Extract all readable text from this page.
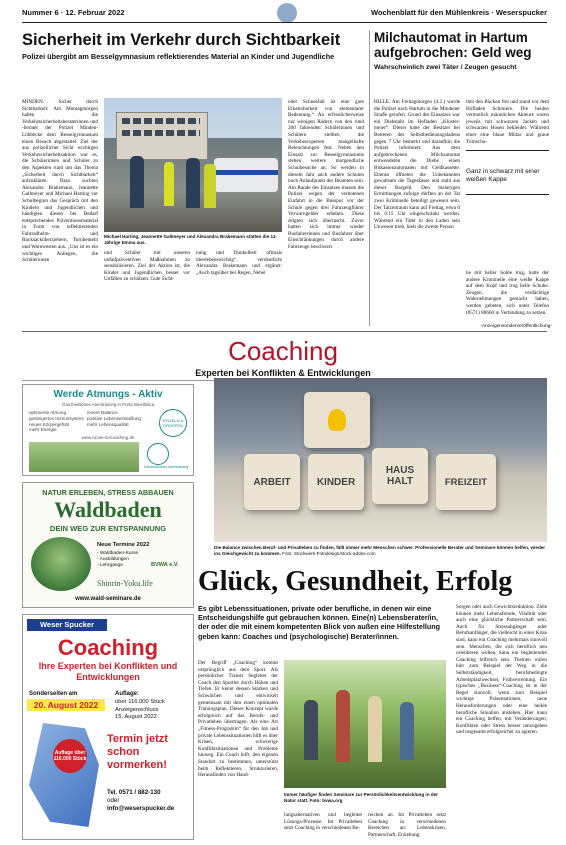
Nummer 6 · 12. Februar 2022	Wochenblatt für den Mühlenkreis · Weserspucker
Sicherheit im Verkehr durch Sichtbarkeit
Polizei übergibt am Besselgymnasium reflektierendes Material an Kinder und Jugendliche
MINDEN. Sicher durch Sichtbarkeit: Am Montagmorgen haben die Verkehrssicherheitsberaterinnen und -berater der Polizei Minden-Lübbecke dem Besselgymnasium einen Besuch abgestattet. Ziel der aus polizeilicher Sicht wichtigen Verkehrssicherheitsaktion war es, die Schülerinnen und Schüler zu den Aspekten rund um das Thema „Sicherheit durch Sichtbarkeit“ aufzuklären. Dazu suchten Alexandra Brakemann, Jeannette Gallmeyer und Michael Harting vor Schulbeginn das Gespräch mit den Kindern und Jugendlichen und händigten diesen bei Bedarf entsprechendes Präventionsmaterial in Form von reflektierenden Fahrradhelm- und Rucksacküberziehern, Turnbeuteln und Warnwesten aus. „Uns ist es ein wichtiges Anliegen, die Schülerinnen
Michael Harting, Jeannette Gallmeyer und Alexandra Brakemann statten die 11-Jährige Emma aus.
und Schüler mit unseren unfallpräventiven Maßnahmen zu sensibilisieren. Ziel der Aktion ist, die Kinder und Jugendlichen besser vor Unfällen zu schützen. Gute Sicht-
nung und Dunkelheit oftmals überlebenswichtig“, verdeutlicht Alexandra Brakemann und ergänzt: „Auch tagsüber bei Regen, Nebel
oder Schneefall ist eine gute Erkennbarkeit von elementarer Bedeutung.“ An erfreulicherweise nur wenigen Rädern von den rund 200 fahrenden Schülerinnen und Schülern stellten die Verkehrsexperten mangelhafte Beleuchtungen fest. Neben den Einsatz zur Besselgymnasiums stehen weitere morgendliche Schulbesuche an. So werden in diesem Jahr auch andere Schulen noch Anlaufpunkt der Beamten sein. Am Rande des Einsatzes musste die Polizei wegen der verbotenen Einfahrt in die Busspur vor der Schule gegen drei Fahrzeugführer Verwarngelder erheben. Diese zeigten sich überrascht. Zuvor hatten sich immer wieder Busfahrerinnen und Busfahrer über Einschränkungen durch andere Fahrzeuge beschwert.
Milchautomat in Hartum aufgebrochen: Geld weg
Wahrscheinlich zwei Täter / Zeugen gesucht
HILLE. Am Freitagmorgen (4.2.) wurde die Polizei nach Hartum in die Mindener Straße gerufen. Grund des Einsatzes war ein Diebstahl im Hofladen „Klostermeier“. Dieser hatte der Besitzer bei Betreten des Selbstbedienungsladens gegen 7 Uhr bemerkt und daraufhin die Polizei informiert. Aus dem aufgebrochenen Milchautomat entwendeten die Diebe einen Bitkassenautomaten mit Geldkassette. Ebenso öffneten die Unbekannten gewaltsam die Tageskasse und stahl aus dieser Bargeld. Den bisherigen Ermittlungen zufolge dürften an der Tat zwei Kriminelle beteiligt gewesen sein. Der Tatzeitraum kann auf Freitag, etwa 0 bis 0.15 Uhr eingeschränkt werden. Während ein Täter in den Laden sein Unwesen trieb, hielt die zweite Person
ihm den Rücken frei und stand vor dem Hofladen Schmiere. Die beiden vermutlich männlichen Akteure waren jeweils mit schwarzen Jacken und schwarzen Hosen bekleidet. Während einer eine blaue Mütze und graue Turnschu-
Ganz in schwarz mit einer weißen Kappe
he mit heller Sohle trug, hatte der andere Kriminelle eine weiße Kappe auf dem Kopf und trug helle Schuhe. Zeugen, die verdächtige Wahrnehmungen gemacht haben, werden gebeten, sich unter Telefon (0571) 88660 in Verbindung zu setzen.
-Anzeigensonderveröffentlichung-
Coaching
Experten bei Konflikten & Entwicklungen
Werde Atmungs - Aktiv
Ganzheitliches Atemtraining in Porta Westfalica
optimierte Atmung
gesteigertes Immunsystem
neues Körpergefühl
mehr Energie
innere Balance
positive Lebenseinstellung
mehr Lebensqualität
EINZELN & GRUPPEN
www.nicole-luscoaching.de
Ganzheitliches Atemtraining
NATUR ERLEBEN, STRESS ABBAUEN
Waldbaden
DEIN WEG ZUR ENTSPANNUNG
Neue Termine 2022
- Waldbaden-Kurse
- Ausbildungen
- Lehrgänge	BVWA e.V.
Shinrin-Yoku.life
www.wald-seminare.de
Weser Spucker
Coaching
Ihre Experten bei Konflikten und Entwicklungen
Sonderseiten am
20. August 2022
Auflage:
über 116.000 Stück
Anzeigenschluss
15. August 2022
Auflage über 116.000 Stück
Termin jetzt schon vormerken!
Tel. 0571 / 882-130
oder
info@weserspucker.de
ARBEIT	KINDER
HAUS HALT	FREIZEIT
Die Balance zwischen Beruf- und Privatleben zu finden, fällt immer mehr Menschen schwer. Professionelle Berater und Seminare können helfen, wieder ins Gleichgewicht zu kommen. Foto: Stockwerk-Fotodesign/stock-adobe.com
Glück, Gesundheit, Erfolg
Es gibt Lebenssituationen, private oder berufliche, in denen wir eine Entscheidungshilfe gut gebrauchen können. Eine(n) Lebensberater/in, der oder die mit einem kompetenten Blick von außen eine Hilfestellung geben kann: Coaches und (psychologische) Berater/innen.
Der Begriff „Coaching“ kommt ursprünglich aus dem Sport. Als persönlicher Trainer begleitet der Coach den Sportler durch Höhen und Tiefen. Er kennt dessen Stärken und Schwächen und entwickelt gemeinsam mit ihm einen optimalen Trainingsplan. Dieses Konzept wurde erfolgreich auf das Berufs- und Privatleben übertragen. Als eine Art „Fitness-Programm“ für den Job und private Lebenssituationen hilft es über Krisen, schwierige Konfliktsituationen und Probleme hinweg. Ein Coach hilft, den eigenen Standort zu bestimmen, unterstützt beim Reflektieren, Strukturieren, Herausfinden von Hand-
Immer häufiger finden Seminare zur Persönlichkeitsentwicklung in der Natur statt. Foto: bvwa.org
lungsalternativen und begleitet Lösungs-Prozesse. Im Privatleben setzt Coaching in verschiedenen Be-
reichen an. Im Privatleben setzt Coaching in verschiedenen Bereichen an: Lebenskrisen, Partnerschaft, Erziehung,
Sorgen oder auch Gewichtsreduktion. Ziele können mehr Lebensfreude, Vitalität oder auch eine glückliche Partnerschaft sein. Auch für Stressabgänger oder Berufsanfänger, die vielleicht in einer Krise sind, kann ein Coaching mehrmals sinnvoll sein. Menschen, die sich beruflich neu orientieren wollen, kann ein begleitendes Coaching hilfreich sein. Themen wären hier zum Beispiel der Weg in die Selbstständigkeit, berufsbedingte Arbeitsplatzwechsel, Frühverrentung. Ein typisches „Business“-Coaching ist in der Regel sinnvoll, wenn zum Beispiel wichtige Präsentationen, neue Herausforderungen oder eine heikle berufliche Situation anstehen. Hier kann ein Coaching helfen, mit Veränderungen, Konflikten oder Stress besser umzugehen und insgesamt erfolgreicher zu agieren.
